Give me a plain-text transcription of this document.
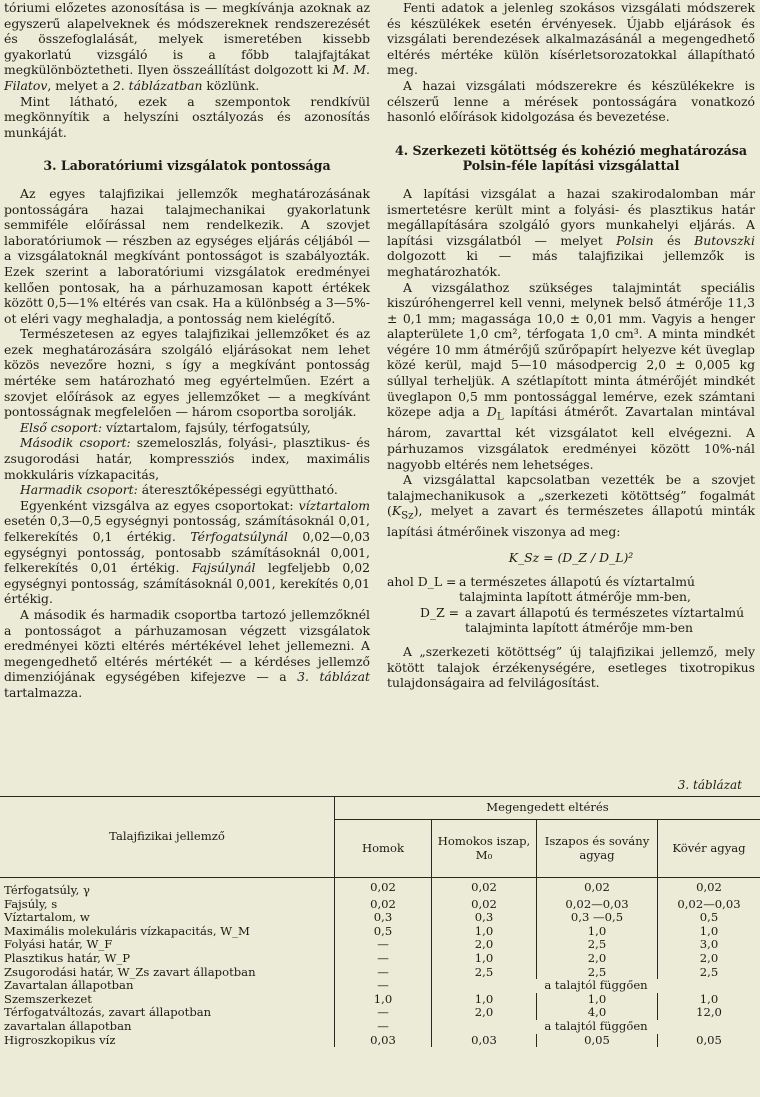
tóriumi előzetes azonosítása is — megkívánja azoknak az egyszerű alapelveknek és módszereknek rendszerezését és összefoglalását, melyek ismeretében kissebb gyakorlatú vizsgáló is a főbb talajfajtákat megkülönböztetheti. Ilyen összeállítást dolgozott ki M. M. Filatov, melyet a 2. táblázatban közlünk.

Mint látható, ezek a szempontok rendkívül megkönnyítik a helyszíni osztályozás és azonosítás munkáját.

3. Laboratóriumi vizsgálatok pontossága

Az egyes talajfizikai jellemzők meghatározásának pontosságára hazai talajmechanikai gyakorlatunk semmiféle előírással nem rendelkezik. A szovjet laboratóriumok — részben az egységes eljárás céljából — a vizsgálatoknál megkívánt pontosságot is szabályozták. Ezek szerint a laboratóriumi vizsgálatok eredményei kellően pontosak, ha a párhuzamosan kapott értékek között 0,5—1% eltérés van csak. Ha a különbség a 3—5%-ot eléri vagy meghaladja, a pontosság nem kielégítő.

Természetesen az egyes talajfizikai jellemzőket és az ezek meghatározására szolgáló eljárásokat nem lehet közös nevezőre hozni, s így a megkívánt pontosság mértéke sem határozható meg egyértelműen. Ezért a szovjet előírások az egyes jellemzőket — a megkívánt pontosságnak megfelelően — három csoportba sorolják.

Első csoport: víztartalom, fajsúly, térfogatsúly,

Második csoport: szemeloszlás, folyási-, plasztikus- és zsugorodási határ, kompressziós index, maximális mokkuláris vízkapacitás,

Harmadik csoport: áteresztőképességi együttható.

Egyenként vizsgálva az egyes csoportokat: víztartalom esetén 0,3—0,5 egységnyi pontosság, számításoknál 0,01, felkerekítés 0,1 értékig. Térfogatsúlynál 0,02—0,03 egységnyi pontosság, pontosabb számításoknál 0,001, felkerekítés 0,01 értékig. Fajsúlynál legfeljebb 0,02 egységnyi pontosság, számításoknál 0,001, kerekítés 0,01 értékig.

A második és harmadik csoportba tartozó jellemzőknél a pontosságot a párhuzamosan végzett vizsgálatok eredményei közti eltérés mértékével lehet jellemezni. A megengedhető eltérés mértékét — a kérdéses jellemző dimenziójának egységében kifejezve — a 3. táblázat tartalmazza.

Fenti adatok a jelenleg szokásos vizsgálati módszerek és készülékek esetén érvényesek. Újabb eljárások és vizsgálati berendezések alkalmazásánál a megengedhető eltérés mértéke külön kísérletsorozatokkal állapítható meg.

A hazai vizsgálati módszerekre és készülékekre is célszerű lenne a mérések pontosságára vonatkozó hasonló előírások kidolgozása és bevezetése.

4. Szerkezeti kötöttség és kohézió meghatározása
Polsin-féle lapítási vizsgálattal

A lapítási vizsgálat a hazai szakirodalomban már ismertetésre került mint a folyási- és plasztikus határ megállapítására szolgáló gyors munkahelyi eljárás. A lapítási vizsgálatból — melyet Polsin és Butovszki dolgozott ki — más talajfizikai jellemzők is meghatározhatók.

A vizsgálathoz szükséges talajmintát speciális kiszúróhengerrel kell venni, melynek belső átmérője 11,3 ± 0,1 mm; magassága 10,0 ± 0,01 mm. Vagyis a henger alapterülete 1,0 cm², térfogata 1,0 cm³. A minta mindkét végére 10 mm átmérőjű szűrőpapírt helyezve két üveglap közé kerül, majd 5—10 másodpercig 2,0 ± 0,005 kg súllyal terheljük. A szétlapított minta átmérőjét mindkét üveglapon 0,5 mm pontossággal lemérve, ezek számtani közepe adja a $D_L$ lapítási átmérőt. Zavartalan mintával három, zavarttal két vizsgálatot kell elvégezni. A párhuzamos vizsgálatok eredményei között 10%-nál nagyobb eltérés nem lehetséges.

A vizsgálattal kapcsolatban vezették be a szovjet talajmechanikusok a „szerkezeti kötöttség” fogalmát $(K_{Sz})$, melyet a zavart és természetes állapotú minták lapítási átmérőinek viszonya ad meg:

K_Sz = (D_Z / D_L)²
ahol D_L = a természetes állapotú és víztartalmú talajminta lapított átmérője mm-ben,
D_Z = a zavart állapotú és természetes víztartalmú talajminta lapított átmérője mm-ben

A „szerkezeti kötöttség” új talajfizikai jellemző, mely kötött talajok érzékenységére, esetleges tixotropikus tulajdonságaira ad felvilágosítást.

3. táblázat
Talajfizikai jellemző	Megengedett eltérés			
	Homok	Homokos iszap, M₀	Iszapos és sovány agyag	Kövér agyag
Térfogatsúly, γ	0,02	0,02	0,02	0,02
Fajsúly, s	0,02	0,02	0,02—0,03	0,02—0,03
Víztartalom, w	0,3	0,3	0,3 —0,5	0,5
Maximális molekuláris vízkapacitás, W_M	0,5	1,0	1,0	1,0
Folyási határ, W_F	—	2,0	2,5	3,0
Plasztikus határ, W_P	—	1,0	2,0	2,0
Zsugorodási határ, W_Zs zavart állapotban	—	2,5	2,5	2,5
Zavartalan állapotban	—	a talajtól függően		
Szemszerkezet	1,0	1,0	1,0	1,0
Térfogatváltozás, zavart állapotban	—	2,0	4,0	12,0
zavartalan állapotban	—	a talajtól függően		
Higroszkopikus víz	0,03	0,03	0,05	0,05
